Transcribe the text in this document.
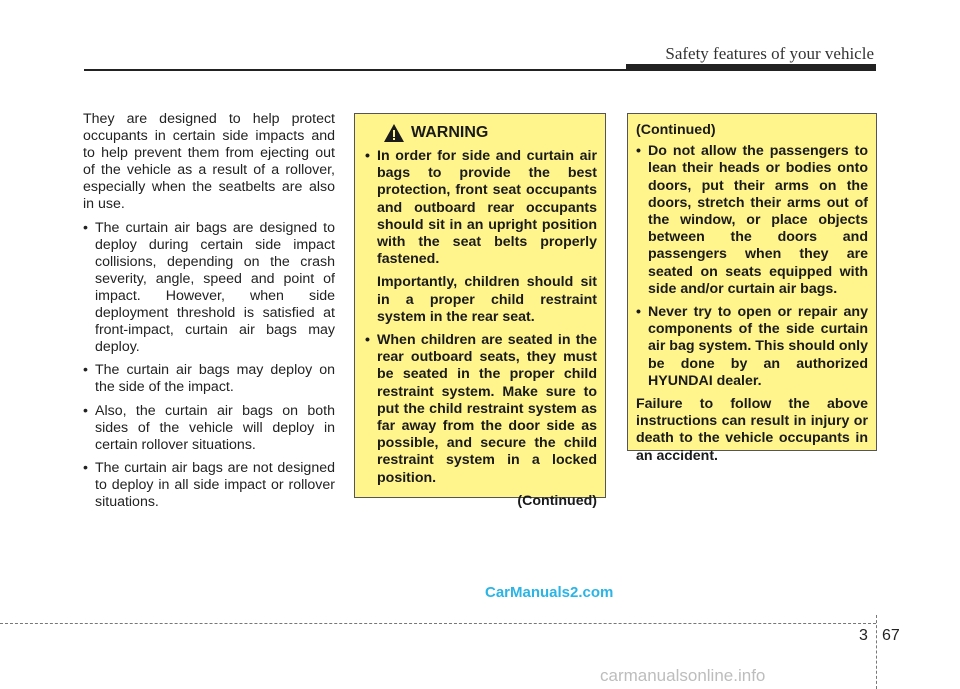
Safety features of your vehicle

They are designed to help protect occupants in certain side impacts and to help prevent them from ejecting out of the vehicle as a result of a rollover, especially when the seatbelts are also in use.

• The curtain air bags are designed to deploy during certain side impact collisions, depending on the crash severity, angle, speed and point of impact. However, when side deployment threshold is satisfied at front-impact, curtain air bags may deploy.
• The curtain air bags may deploy on the side of the impact.
• Also, the curtain air bags on both sides of the vehicle will deploy in certain rollover situations.
• The curtain air bags are not designed to deploy in all side impact or rollover situations.
WARNING
• In order for side and curtain air bags to provide the best protection, front seat occupants and outboard rear occupants should sit in an upright position with the seat belts properly fastened.

Importantly, children should sit in a proper child restraint system in the rear seat.

• When children are seated in the rear outboard seats, they must be seated in the proper child restraint system. Make sure to put the child restraint system as far away from the door side as possible, and secure the child restraint system in a locked position.
(Continued)
(Continued)
• Do not allow the passengers to lean their heads or bodies onto doors, put their arms on the doors, stretch their arms out of the window, or place objects between the doors and passengers when they are seated on seats equipped with side and/or curtain air bags.
• Never try to open or repair any components of the side curtain air bag system. This should only be done by an authorized HYUNDAI dealer.
Failure to follow the above instructions can result in injury or death to the vehicle occupants in an accident.
CarManuals2.com
3 67
carmanualsonline.info
